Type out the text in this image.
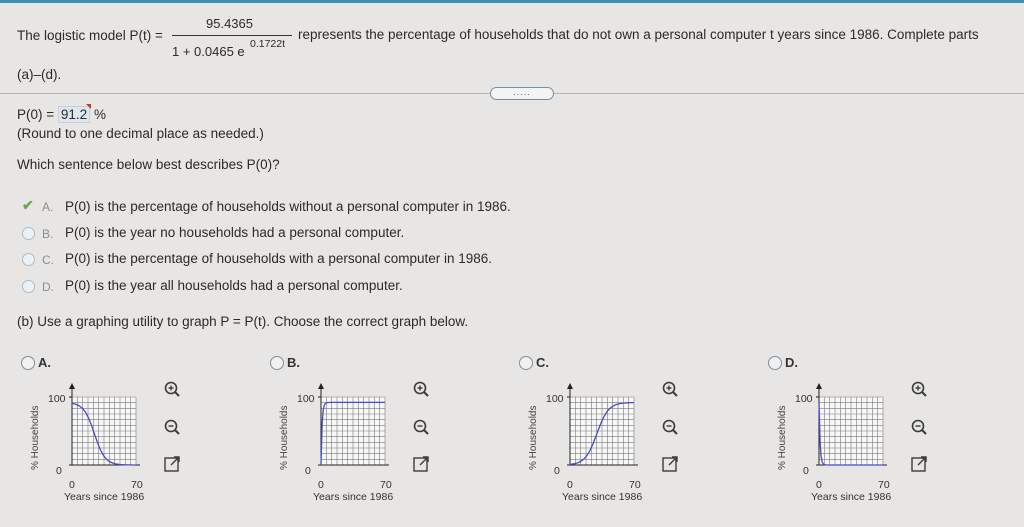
The logistic model P(t) =
95.4365
1 + 0.0465 e 0.1722t
represents the percentage of households that do not own a personal computer t years since 1986. Complete parts
(a)–(d).
.....
P(0) = 91.2 %
(Round to one decimal place as needed.)
Which sentence below best describes P(0)?
✔ A. P(0) is the percentage of households without a personal computer in 1986.
B. P(0) is the year no households had a personal computer.
C. P(0) is the percentage of households with a personal computer in 1986.
D. P(0) is the year all households had a personal computer.
(b) Use a graphing utility to graph P = P(t). Choose the correct graph below.
A.
% Households
100
0
0	70
Years since 1986
B.
% Households
100
0
0	70
Years since 1986
C.
% Households
100
0
0	70
Years since 1986
D.
% Households
100
0
0	70
Years since 1986
